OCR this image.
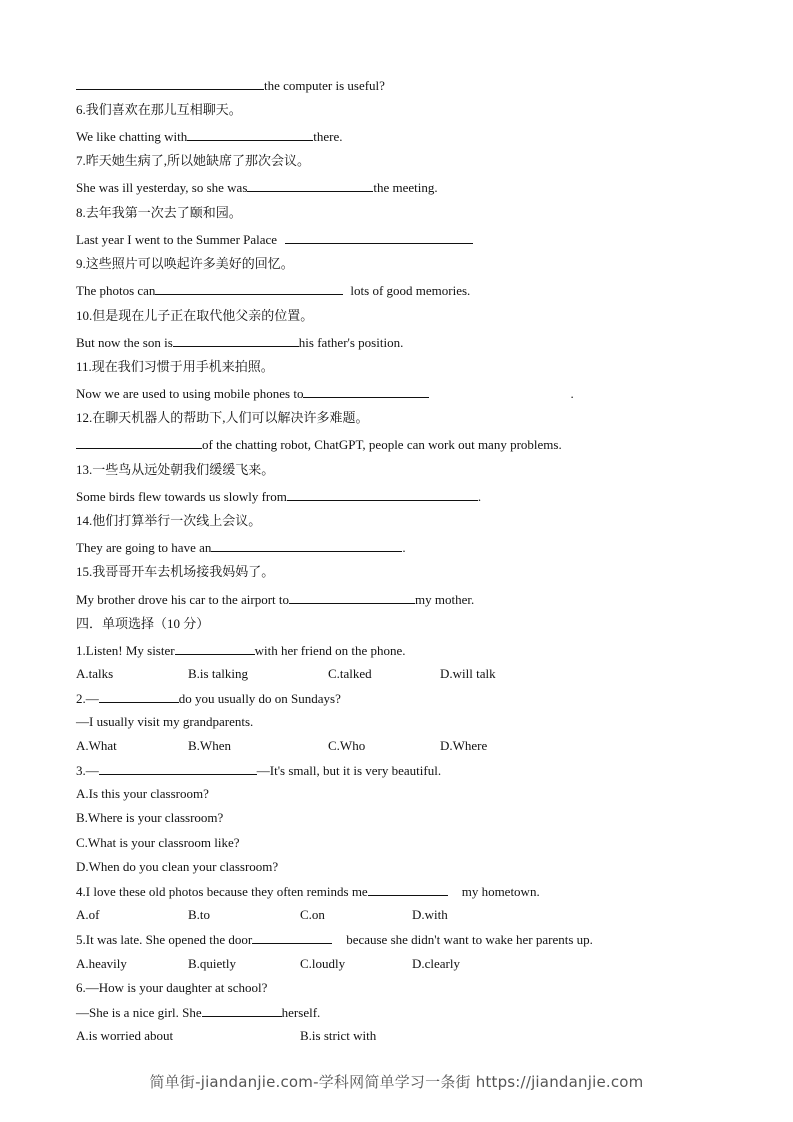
the computer is useful?
6.我们喜欢在那儿互相聊天。
We like chatting with	there.
7.昨天她生病了,所以她缺席了那次会议。
She was ill yesterday, so she was	the meeting.
8.去年我第一次去了颐和园。
Last year I went to the Summer Palace
9.这些照片可以唤起许多美好的回忆。
The photos can	lots of good memories.
10.但是现在儿子正在取代他父亲的位置。
But now the son is	his father's position.
11.现在我们习惯于用手机来拍照。
Now we are used to using mobile phones to	.
12.在聊天机器人的帮助下,人们可以解决许多难题。
of the chatting robot, ChatGPT, people can work out many problems.
13.一些鸟从远处朝我们缓缓飞来。
Some birds flew towards us slowly from	.
14.他们打算举行一次线上会议。
They are going to have an	.
15.我哥哥开车去机场接我妈妈了。
My brother drove his car to the airport to	my mother.
四．单项选择（10 分）
1.Listen! My sister	with her friend on the phone.
A.talks	B.is talking	C.talked	D.will talk
2.—	do you usually do on Sundays?
—I usually visit my grandparents.
A.What	B.When	C.Who	D.Where
3.—	—It's small, but it is very beautiful.
A.Is this your classroom?
B.Where is your classroom?
C.What is your classroom like?
D.When do you clean your classroom?
4.I love these old photos because they often reminds me	my hometown.
A.of	B.to	C.on	D.with
5.It was late. She opened the door	because she didn't want to wake her parents up.
A.heavily	B.quietly	C.loudly	D.clearly
6.—How is your daughter at school?
—She is a nice girl. She	herself.
A.is worried about	B.is strict with
简单街-jiandanjie.com-学科网简单学习一条街 https://jiandanjie.com
